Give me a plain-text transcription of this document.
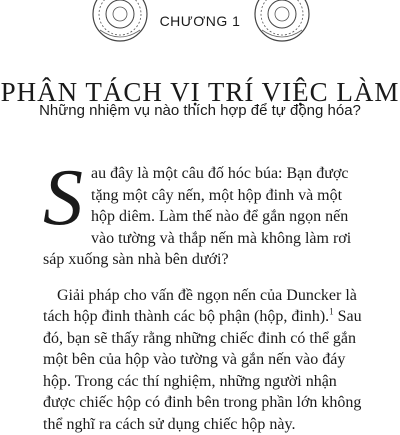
CHƯƠNG 1
PHÂN TÁCH VỊ TRÍ VIỆC LÀM
Những nhiệm vụ nào thích hợp để tự động hóa?

Sau đây là một câu đố hóc búa: Bạn được tặng một cây nến, một hộp đinh và một hộp diêm. Làm thế nào để gắn ngọn nến vào tường và thắp nến mà không làm rơi sáp xuống sàn nhà bên dưới?

Giải pháp cho vấn đề ngọn nến của Duncker là tách hộp đinh thành các bộ phận (hộp, đinh).$^1$ Sau đó, bạn sẽ thấy rằng những chiếc đinh có thể gắn một bên của hộp vào tường và gắn nến vào đáy hộp. Trong các thí nghiệm, những người nhận được chiếc hộp có đinh bên trong phần lớn không thể nghĩ ra cách sử dụng chiếc hộp này.
